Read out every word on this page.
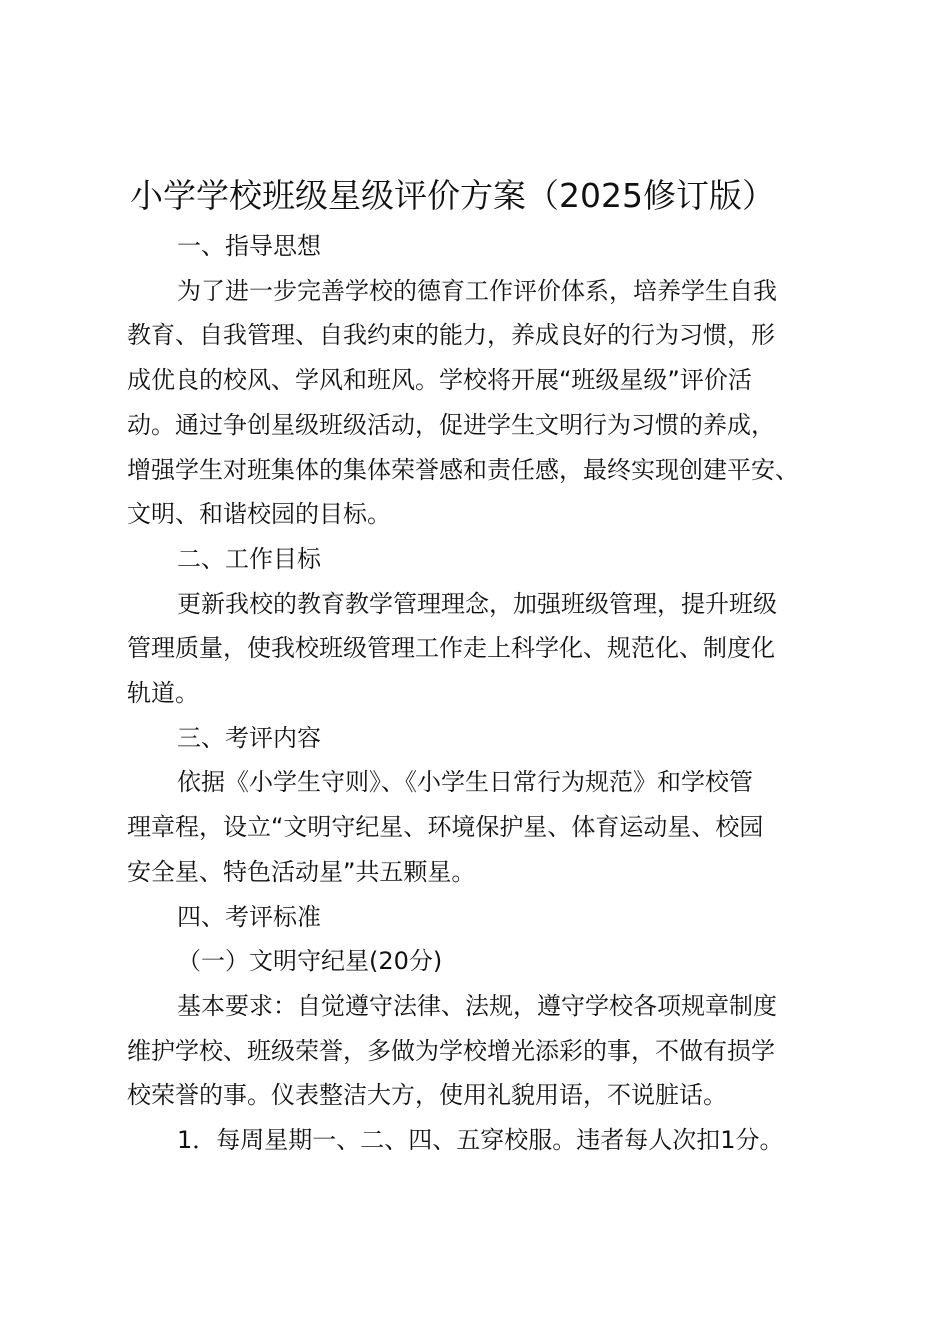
小学学校班级星级评价方案（2025修订版）
一、指导思想
为了进一步完善学校的德育工作评价体系，培养学生自我
教育、自我管理、自我约束的能力，养成良好的行为习惯，形
成优良的校风、学风和班风。学校将开展“班级星级”评价活
动。通过争创星级班级活动，促进学生文明行为习惯的养成，
增强学生对班集体的集体荣誉感和责任感，最终实现创建平安、
文明、和谐校园的目标。
二、工作目标
更新我校的教育教学管理理念，加强班级管理，提升班级
管理质量，使我校班级管理工作走上科学化、规范化、制度化
轨道。
三、考评内容
依据《小学生守则》、《小学生日常行为规范》和学校管
理章程，设立“文明守纪星、环境保护星、体育运动星、校园
安全星、特色活动星”共五颗星。
四、考评标准
（一）文明守纪星(20分)
基本要求：自觉遵守法律、法规，遵守学校各项规章制度
维护学校、班级荣誉，多做为学校增光添彩的事，不做有损学
校荣誉的事。仪表整洁大方，使用礼貌用语，不说脏话。
1．每周星期一、二、四、五穿校服。违者每人次扣1分。
